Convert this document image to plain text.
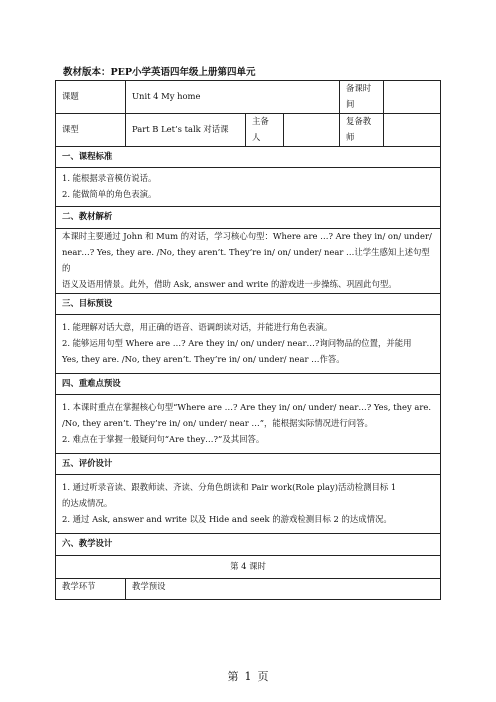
教材版本：PEP小学英语四年级上册第四单元
课题	Unit 4 My home			备课时间	
课型	Part B Let’s talk 对话课	主备人		复备教师	
一、课程标准					

1. 能根据录音模仿说话。
2. 能做简单的角色表演。					

二、教材解析					

本课时主要通过 John 和 Mum 的对话，学习核心句型：Where are …? Are they in/ on/ under/
near…? Yes, they are. /No, they aren’t. They’re in/ on/ under/ near …让学生感知上述句型的
语义及语用情景。此外，借助 Ask, answer and write 的游戏进一步操练、巩固此句型。					

三、目标预设					

1. 能理解对话大意，用正确的语音、语调朗读对话，并能进行角色表演。
2. 能够运用句型 Where are …? Are they in/ on/ under/ near…?询问物品的位置，并能用
Yes, they are. /No, they aren’t. They’re in/ on/ under/ near …作答。					

四、重难点预设					

1. 本课时重点在掌握核心句型“Where are …? Are they in/ on/ under/ near…? Yes, they are.
/No, they aren’t. They’re in/ on/ under/ near …”，能根据实际情况进行问答。
2. 难点在于掌握一般疑问句“Are they…?”及其回答。					

五、评价设计					

1. 通过听录音读、跟教师读、齐读、分角色朗读和 Pair work(Role play)活动检测目标 1
的达成情况。
2. 通过 Ask, answer and write 以及 Hide and seek 的游戏检测目标 2 的达成情况。					

六、教学设计					
第 4 课时					
教学环节	教学预设				
第 1 页
